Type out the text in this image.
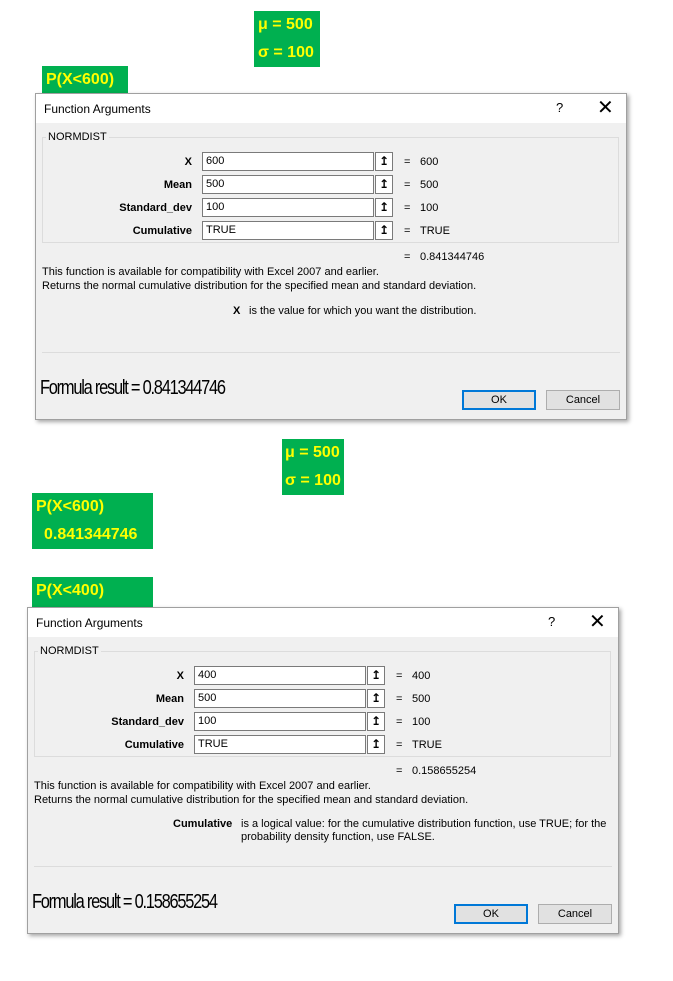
μ = 500
σ = 100
P(X<600)
Function Arguments	? ✕
NORMDIST
X	600	↥	= 600
Mean	500	↥	= 500
Standard_dev	100	↥	= 100
Cumulative	TRUE	↥	= TRUE
= 0.841344746
This function is available for compatibility with Excel 2007 and earlier.
Returns the normal cumulative distribution for the specified mean and standard deviation.
X is the value for which you want the distribution.
Formula result = 0.841344746
OK	Cancel
μ = 500
σ = 100
P(X<600)
0.841344746
P(X<400)
Function Arguments	? ✕
NORMDIST
X	400	↥	= 400
Mean	500	↥	= 500
Standard_dev	100	↥	= 100
Cumulative	TRUE	↥	= TRUE
= 0.158655254
This function is available for compatibility with Excel 2007 and earlier.
Returns the normal cumulative distribution for the specified mean and standard deviation.
Cumulative is a logical value: for the cumulative distribution function, use TRUE; for the probability density function, use FALSE.
Formula result = 0.158655254
OK	Cancel
